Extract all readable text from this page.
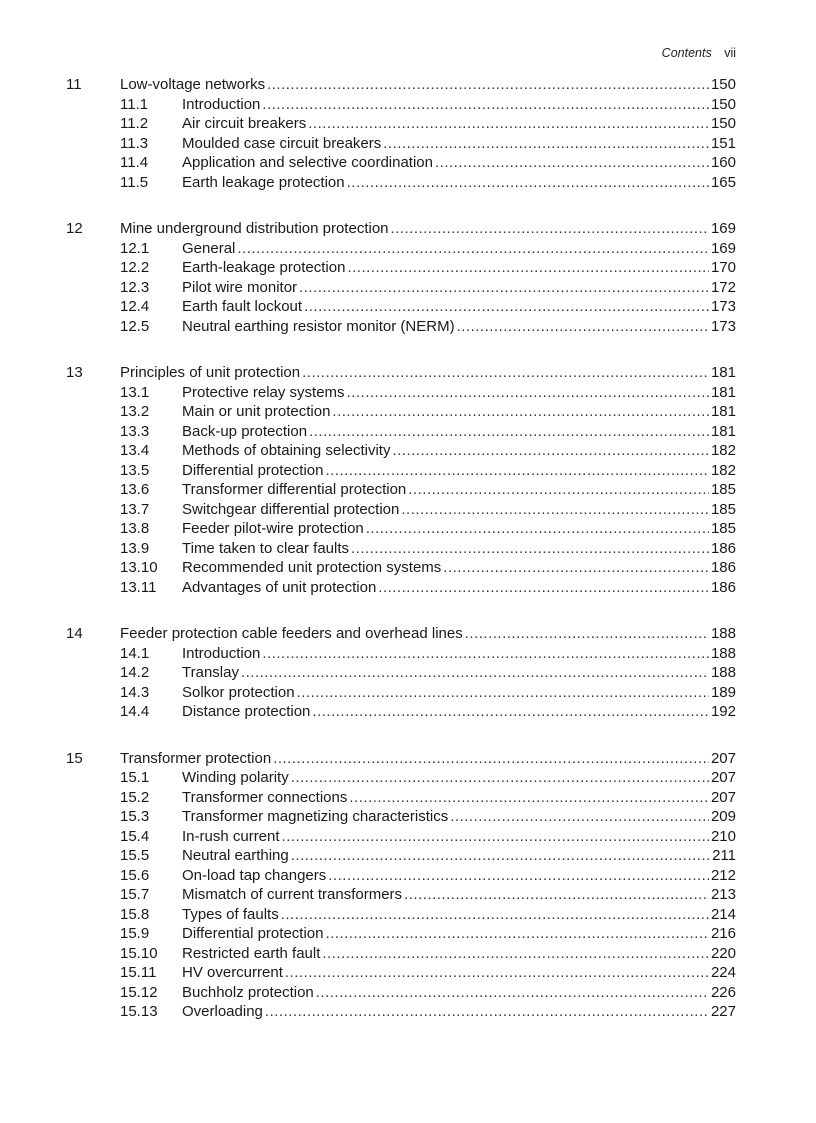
Contents vii
11	Low-voltage networks .....	150
11.1	Introduction .....	150
11.2	Air circuit breakers .....	150
11.3	Moulded case circuit breakers .....	151
11.4	Application and selective coordination .....	160
11.5	Earth leakage protection .....	165
12	Mine underground distribution protection .....	169
12.1	General .....	169
12.2	Earth-leakage protection .....	170
12.3	Pilot wire monitor .....	172
12.4	Earth fault lockout .....	173
12.5	Neutral earthing resistor monitor (NERM) .....	173
13	Principles of unit protection .....	181
13.1	Protective relay systems .....	181
13.2	Main or unit protection .....	181
13.3	Back-up protection .....	181
13.4	Methods of obtaining selectivity .....	182
13.5	Differential protection .....	182
13.6	Transformer differential protection .....	185
13.7	Switchgear differential protection .....	185
13.8	Feeder pilot-wire protection .....	185
13.9	Time taken to clear faults .....	186
13.10	Recommended unit protection systems .....	186
13.11	Advantages of unit protection .....	186
14	Feeder protection cable feeders and overhead lines .....	188
14.1	Introduction .....	188
14.2	Translay .....	188
14.3	Solkor protection .....	189
14.4	Distance protection .....	192
15	Transformer protection .....	207
15.1	Winding polarity .....	207
15.2	Transformer connections .....	207
15.3	Transformer magnetizing characteristics .....	209
15.4	In-rush current .....	210
15.5	Neutral earthing .....	211
15.6	On-load tap changers .....	212
15.7	Mismatch of current transformers .....	213
15.8	Types of faults .....	214
15.9	Differential protection .....	216
15.10	Restricted earth fault .....	220
15.11	HV overcurrent .....	224
15.12	Buchholz protection .....	226
15.13	Overloading .....	227
